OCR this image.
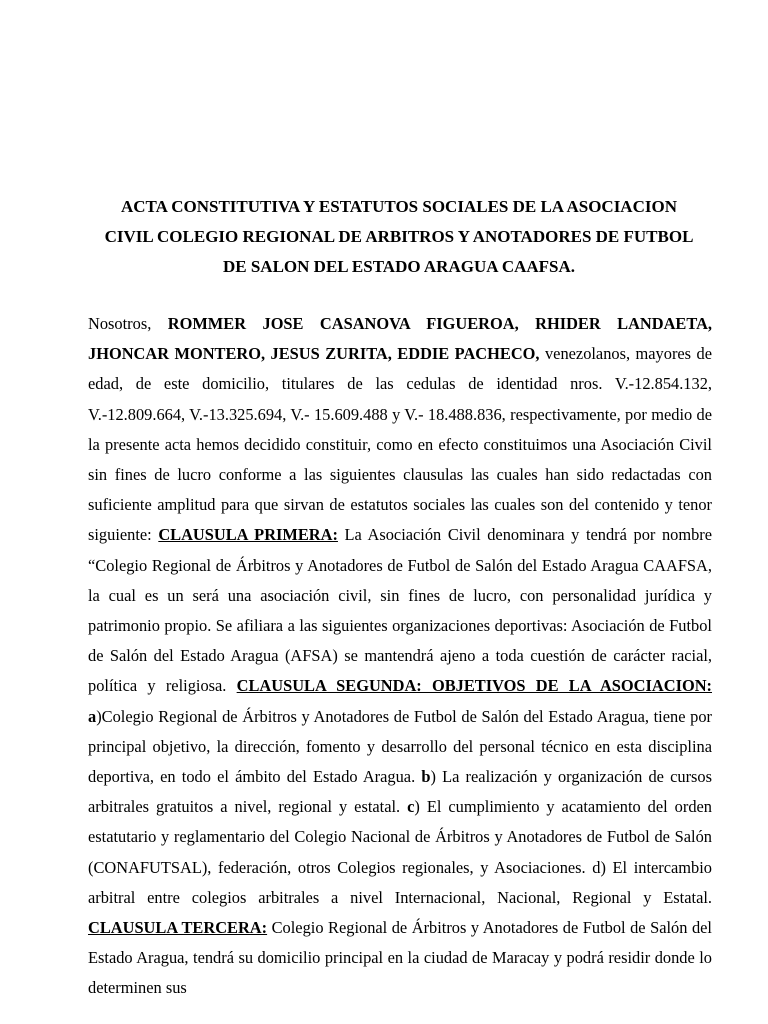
ACTA CONSTITUTIVA Y ESTATUTOS SOCIALES DE LA ASOCIACION CIVIL COLEGIO REGIONAL DE ARBITROS Y ANOTADORES DE FUTBOL DE SALON DEL ESTADO ARAGUA CAAFSA.

Nosotros, ROMMER JOSE CASANOVA FIGUEROA, RHIDER LANDAETA, JHONCAR MONTERO, JESUS ZURITA, EDDIE PACHECO, venezolanos, mayores de edad, de este domicilio, titulares de las cedulas de identidad nros. V.-12.854.132, V.-12.809.664, V.-13.325.694, V.- 15.609.488 y V.- 18.488.836, respectivamente, por medio de la presente acta hemos decidido constituir, como en efecto constituimos una Asociación Civil sin fines de lucro conforme a las siguientes clausulas las cuales han sido redactadas con suficiente amplitud para que sirvan de estatutos sociales las cuales son del contenido y tenor siguiente: CLAUSULA PRIMERA: La Asociación Civil denominara y tendrá por nombre “Colegio Regional de Árbitros y Anotadores de Futbol de Salón del Estado Aragua CAAFSA, la cual es un será una asociación civil, sin fines de lucro, con personalidad jurídica y patrimonio propio. Se afiliara a las siguientes organizaciones deportivas: Asociación de Futbol de Salón del Estado Aragua (AFSA) se mantendrá ajeno a toda cuestión de carácter racial, política y religiosa. CLAUSULA SEGUNDA: OBJETIVOS DE LA ASOCIACION: a)Colegio Regional de Árbitros y Anotadores de Futbol de Salón del Estado Aragua, tiene por principal objetivo, la dirección, fomento y desarrollo del personal técnico en esta disciplina deportiva, en todo el ámbito del Estado Aragua. b) La realización y organización de cursos arbitrales gratuitos a nivel, regional y estatal. c) El cumplimiento y acatamiento del orden estatutario y reglamentario del Colegio Nacional de Árbitros y Anotadores de Futbol de Salón (CONAFUTSAL), federación, otros Colegios regionales, y Asociaciones. d) El intercambio arbitral entre colegios arbitrales a nivel Internacional, Nacional, Regional y Estatal. CLAUSULA TERCERA: Colegio Regional de Árbitros y Anotadores de Futbol de Salón del Estado Aragua, tendrá su domicilio principal en la ciudad de Maracay y podrá residir donde lo determinen sus
